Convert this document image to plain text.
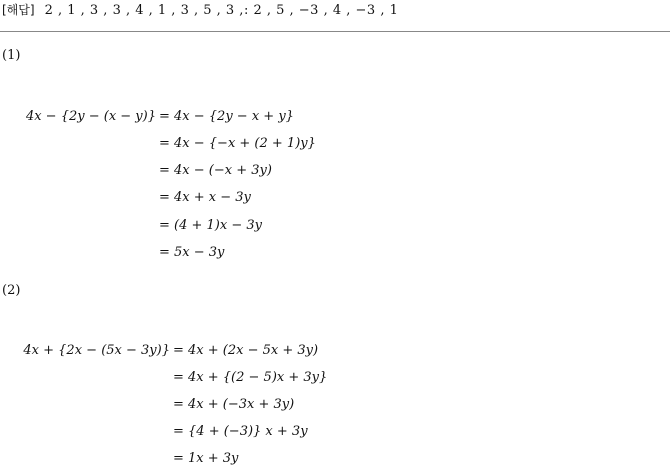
[해답] 2 , 1 , 3 , 3 , 4 , 1 , 3 , 5 , 3 ,: 2 , 5 , −3 , 4 , −3 , 1
(1)
4x − {2y − (x − y)} = 4x − {2y − x + y}
= 4x − {−x + (2 + 1)y}
= 4x − (−x + 3y)
= 4x + x − 3y
= (4 + 1)x − 3y
= 5x − 3y
(2)
4x + {2x − (5x − 3y)} = 4x + (2x − 5x + 3y)
= 4x + {(2 − 5)x + 3y}
= 4x + (−3x + 3y)
= {4 + (−3)} x + 3y
= 1x + 3y
